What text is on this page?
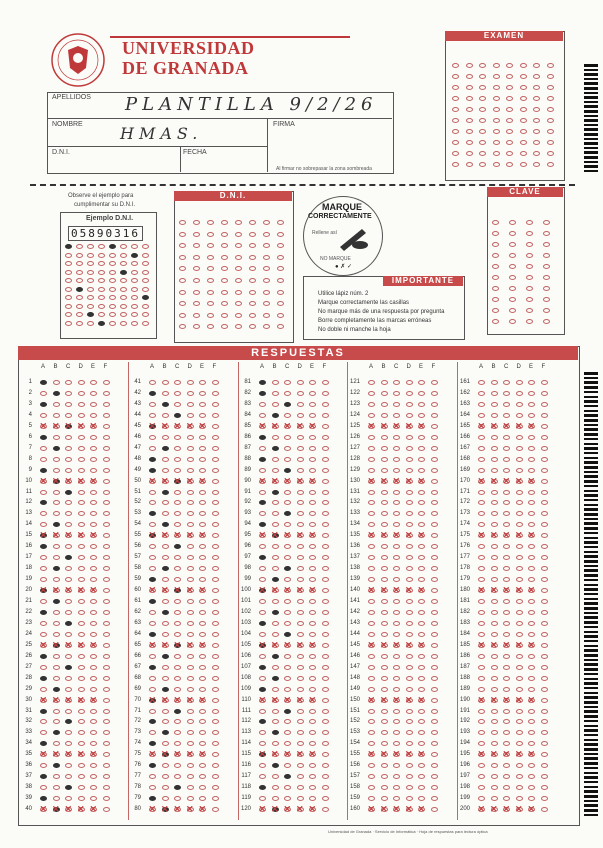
UNIVERSIDAD
DE GRANADA
APELLIDOS PLANTILLA 9/2/26
NOMBRE HMAS.	FIRMA
D.N.I.	FECHA
Al firmar no sobrepasar la zona sombreada
EXAMEN
Observe el ejemplo para
cumplimentar su D.N.I.
Ejemplo D.N.I.
05890316
D.N.I.
MARQUE
CORRECTAMENTE
Rellene así
NO MARQUE
● ✗ ✓
CLAVE
IMPORTANTE
Utilice lápiz núm. 2
Marque correctamente las casillas
No marque más de una respuesta por pregunta
Borre completamente las marcas erróneas
No doble ni manche la hoja
RESPUESTAS
A B C D E F
1
2
3
4
5 ✕ ✕ ✕ ✕ ✕
6
7
8
9
10 ✕ ✕ ✕ ✕ ✕
11
12
13
14
15 ✕ ✕ ✕ ✕ ✕
16
17
18
19
20 ✕ ✕ ✕ ✕ ✕
21
22
23
24
25 ✕ ✕ ✕ ✕ ✕
26
27
28
29
30 ✕ ✕ ✕ ✕ ✕
31
32
33
34
35 ✕ ✕ ✕ ✕ ✕
36
37
38
39
40 ✕ ✕ ✕ ✕ ✕
A B C D E F
41
42
43
44
45 ✕ ✕ ✕ ✕ ✕
46
47
48
49
50 ✕ ✕ ✕ ✕ ✕
51
52
53
54
55 ✕ ✕ ✕ ✕ ✕
56
57
58
59
60 ✕ ✕ ✕ ✕ ✕
61
62
63
64
65 ✕ ✕ ✕ ✕ ✕
66
67
68
69
70 ✕ ✕ ✕ ✕ ✕
71
72
73
74
75 ✕ ✕ ✕ ✕ ✕
76
77
78
79
80 ✕ ✕ ✕ ✕ ✕
A B C D E F
81
82
83
84
85 ✕ ✕ ✕ ✕ ✕
86
87
88
89
90 ✕ ✕ ✕ ✕ ✕
91
92
93
94
95 ✕ ✕ ✕ ✕ ✕
96
97
98
99
100 ✕ ✕ ✕ ✕ ✕
101
102
103
104
105 ✕ ✕ ✕ ✕ ✕
106
107
108
109
110 ✕ ✕ ✕ ✕ ✕
111
112
113
114
115 ✕ ✕ ✕ ✕ ✕
116
117
118
119
120 ✕ ✕ ✕ ✕ ✕
A B C D E F
121
122
123
124
125 ✕ ✕ ✕ ✕ ✕
126
127
128
129
130 ✕ ✕ ✕ ✕ ✕
131
132
133
134
135 ✕ ✕ ✕ ✕ ✕
136
137
138
139
140 ✕ ✕ ✕ ✕ ✕
141
142
143
144
145 ✕ ✕ ✕ ✕ ✕
146
147
148
149
150 ✕ ✕ ✕ ✕ ✕
151
152
153
154
155 ✕ ✕ ✕ ✕ ✕
156
157
158
159
160 ✕ ✕ ✕ ✕ ✕
A B C D E F
161
162
163
164
165 ✕ ✕ ✕ ✕ ✕
166
167
168
169
170 ✕ ✕ ✕ ✕ ✕
171
172
173
174
175 ✕ ✕ ✕ ✕ ✕
176
177
178
179
180 ✕ ✕ ✕ ✕ ✕
181
182
183
184
185 ✕ ✕ ✕ ✕ ✕
186
187
188
189
190 ✕ ✕ ✕ ✕ ✕
191
192
193
194
195 ✕ ✕ ✕ ✕ ✕
196
197
198
199
200 ✕ ✕ ✕ ✕ ✕
Universidad de Granada · Servicio de Informática · Hoja de respuestas para lectura óptica
